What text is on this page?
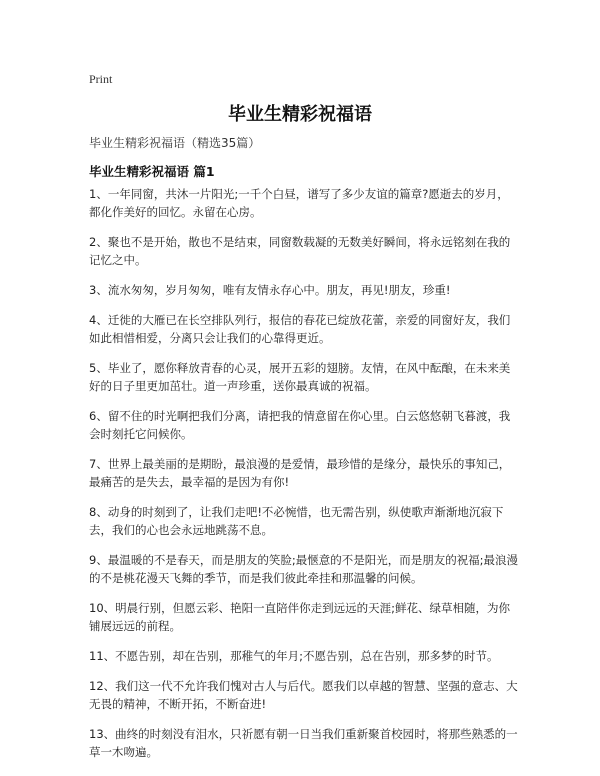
Print
毕业生精彩祝福语
毕业生精彩祝福语（精选35篇）
毕业生精彩祝福语 篇1

1、一年同窗，共沐一片阳光;一千个白昼，谱写了多少友谊的篇章?愿逝去的岁月，都化作美好的回忆。永留在心房。

2、聚也不是开始，散也不是结束，同窗数载凝的无数美好瞬间，将永远铭刻在我的记忆之中。

3、流水匆匆，岁月匆匆，唯有友情永存心中。朋友，再见!朋友，珍重!

4、迁徙的大雁已在长空排队列行，报信的春花已绽放花蕾，亲爱的同窗好友，我们如此相惜相爱，分离只会让我们的心靠得更近。

5、毕业了，愿你释放青春的心灵，展开五彩的翅膀。友情，在风中酝酿，在未来美好的日子里更加茁壮。道一声珍重，送你最真诚的祝福。

6、留不住的时光啊把我们分离，请把我的情意留在你心里。白云悠悠朝飞暮渡，我会时刻托它问候你。

7、世界上最美丽的是期盼，最浪漫的是爱情，最珍惜的是缘分，最快乐的事知己，最痛苦的是失去，最幸福的是因为有你!

8、动身的时刻到了，让我们走吧!不必惋惜，也无需告别，纵使歌声渐渐地沉寂下去，我们的心也会永远地跳荡不息。

9、最温暖的不是春天，而是朋友的笑脸;最惬意的不是阳光，而是朋友的祝福;最浪漫的不是桃花漫天飞舞的季节，而是我们彼此牵挂和那温馨的问候。

10、明晨行别，但愿云彩、艳阳一直陪伴你走到远远的天涯;鲜花、绿草相随，为你铺展远远的前程。

11、不愿告别，却在告别，那稚气的年月;不愿告别，总在告别，那多梦的时节。

12、我们这一代不允许我们愧对古人与后代。愿我们以卓越的智慧、坚强的意志、大无畏的精神，不断开拓，不断奋进!

13、曲终的时刻没有泪水，只祈愿有朝一日当我们重新聚首校园时，将那些熟悉的一草一木吻遍。
